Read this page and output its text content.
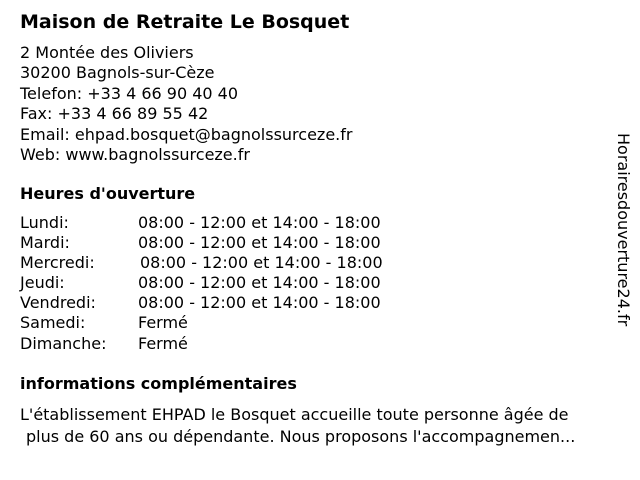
Maison de Retraite Le Bosquet
2 Montée des Oliviers
30200 Bagnols-sur-Cèze
Telefon: +33 4 66 90 40 40
Fax: +33 4 66 89 55 42
Email: ehpad.bosquet@bagnolssurceze.fr
Web: www.bagnolssurceze.fr
Heures d'ouverture
Lundi:	08:00 - 12:00 et 14:00 - 18:00
Mardi:	08:00 - 12:00 et 14:00 - 18:00
Mercredi:	08:00 - 12:00 et 14:00 - 18:00
Jeudi:	08:00 - 12:00 et 14:00 - 18:00
Vendredi:	08:00 - 12:00 et 14:00 - 18:00
Samedi:	Fermé
Dimanche: Fermé
informations complémentaires
L'établissement EHPAD le Bosquet accueille toute personne âgée de
plus de 60 ans ou dépendante. Nous proposons l'accompagnemen...
Horairesdouverture24.fr
